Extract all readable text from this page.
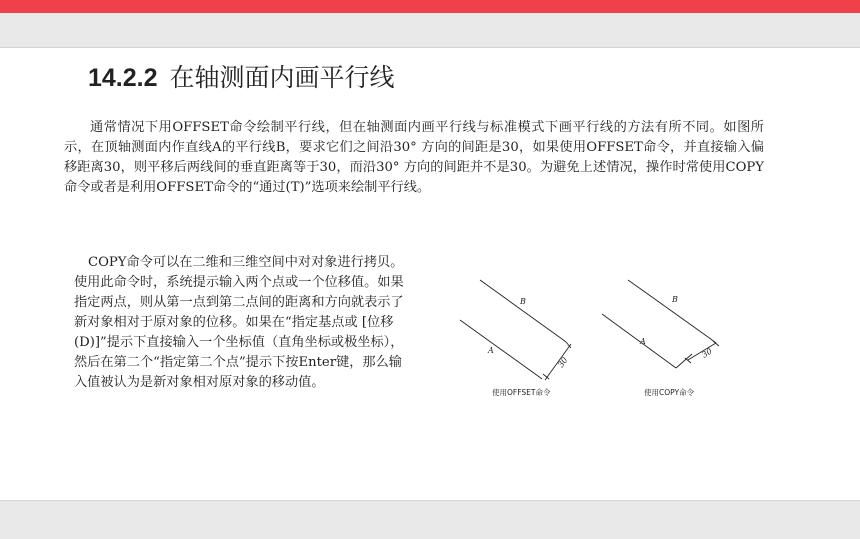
14.2.2 在轴测面内画平行线

通常情况下用OFFSET命令绘制平行线，但在轴测面内画平行线与标准模式下画平行线的方法有所不同。如图所示，在顶轴测面内作直线A的平行线B，要求它们之间沿30° 方向的间距是30，如果使用OFFSET命令，并直接输入偏移距离30，则平移后两线间的垂直距离等于30，而沿30° 方向的间距并不是30。为避免上述情况，操作时常使用COPY命令或者是利用OFFSET命令的“通过(T)”选项来绘制平行线。

COPY命令可以在二维和三维空间中对对象进行拷贝。使用此命令时，系统提示输入两个点或一个位移值。如果指定两点，则从第一点到第二点间的距离和方向就表示了新对象相对于原对象的位移。如果在“指定基点或 [位移(D)]”提示下直接输入一个坐标值（直角坐标或极坐标），然后在第二个“指定第二个点”提示下按Enter键，那么输入值被认为是新对象相对原对象的移动值。

A
B
30
使用OFFSET命令
A
B
30
使用COPY命令
